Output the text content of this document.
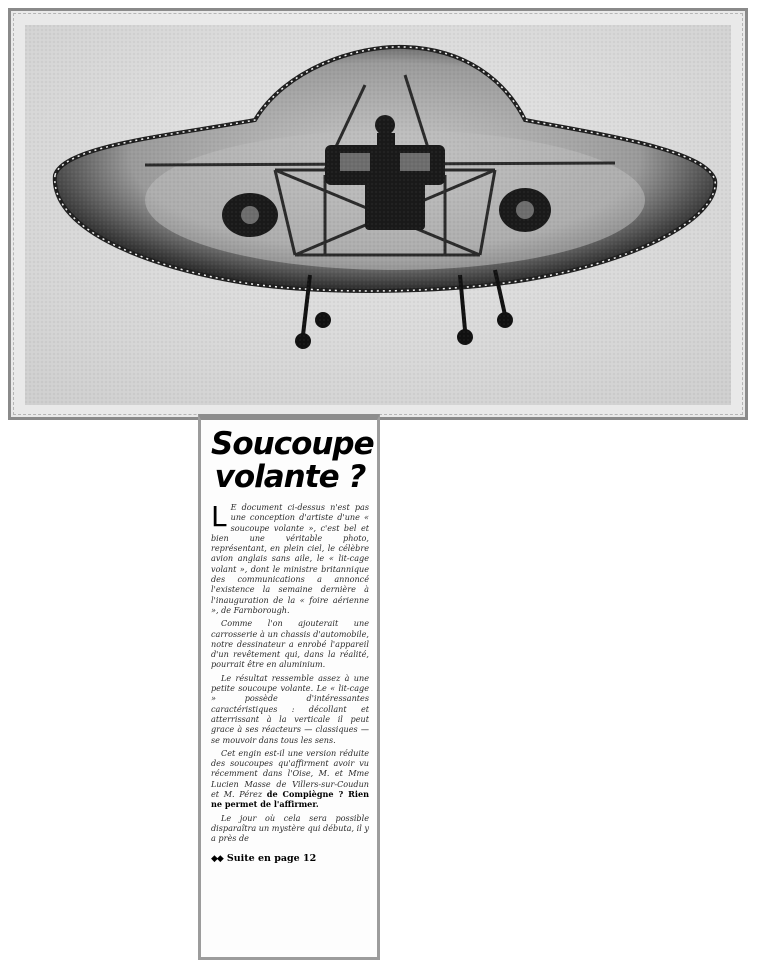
Soucoupe
volante ?

L E document ci-dessus n'est pas une conception d'artiste d'une « soucoupe volante », c'est bel et bien une véritable photo, représentant, en plein ciel, le célèbre avion anglais sans aile, le « lit-cage volant », dont le ministre britannique des communications a annoncé l'existence la semaine dernière à l'inauguration de la « foire aérienne », de Farnborough.

Comme l'on ajouterait une carrosserie à un chassis d'automobile, notre dessinateur a enrobé l'appareil d'un revêtement qui, dans la réalité, pourrait être en aluminium.

Le résultat ressemble assez à une petite soucoupe volante. Le « lit-cage » possède d'intéressantes caractéristiques : décollant et atterrissant à la verticale il peut grace à ses réacteurs — classiques — se mouvoir dans tous les sens.

Cet engin est-il une version réduite des soucoupes qu'affirment avoir vu récemment dans l'Oise, M. et Mme Lucien Masse de Villers-sur-Coudun et M. Pérez de Compiègne ? Rien ne permet de l'affirmer.

Le jour où cela sera possible disparaîtra un mystère qui débuta, il y a près de

◆◆ Suite en page 12
